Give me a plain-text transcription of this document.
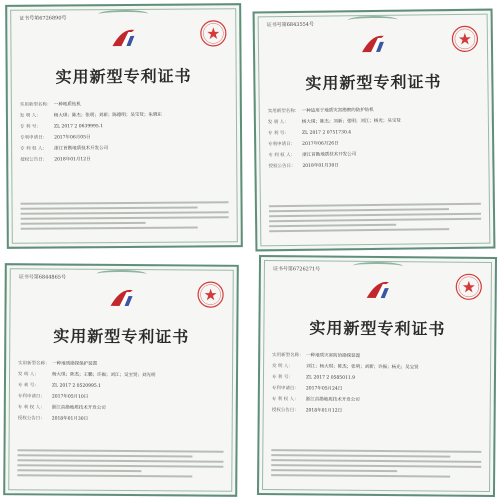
证书号第6726890号
实用新型专利证书
实用新型名称： 一种地质钻机
发 明 人：	杨大琪；陈杰；张明；刘新；陈德明；吴宝贤；朱晓东
专 利 号：	ZL 2017 2 0639995.1
专利申请日：	2017年06月05日
专 利 权 人：	浙江首勘地质技术开发公司
授权公告日：	2018年01月12日
证书号第6843554号
实用新型专利证书
实用新型名称： 一种适用于地质灾害勘察的防护钻机
发 明 人：	杨大琪；陈杰；刘新；张明；刘江；杨光；吴宝贤
专 利 号：	ZL 2017 2 0751730.4
专利申请日：	2017年06月26日
专 利 权 人：	浙江首勘地质技术开发公司
授权公告日：	2018年01月30日
证书号第6844865号
实用新型专利证书
实用新型名称： 一种地质勘探保护装置
发 明 人：	杨大琪；陈杰；王鹏；许振；刘江；吴宝贤；刘光明
专 利 号：	ZL 2017 2 0520995.1
专利申请日：	2017年05月10日
专 利 权 人：	浙江首勘地质技术开发公司
授权公告日：	2018年01月30日
证书号第6726271号
实用新型专利证书
实用新型名称： 一种地质灾害防治勘探装置
发 明 人：	刘江；杨大琪；陈杰；张明；刘新；许振；杨光；吴宝贤
专 利 号：	ZL 2017 2 0585011.9
专利申请日：	2017年05月24日
专 利 权 人：	浙江首勘地质技术开发公司
授权公告日：	2018年01月12日
